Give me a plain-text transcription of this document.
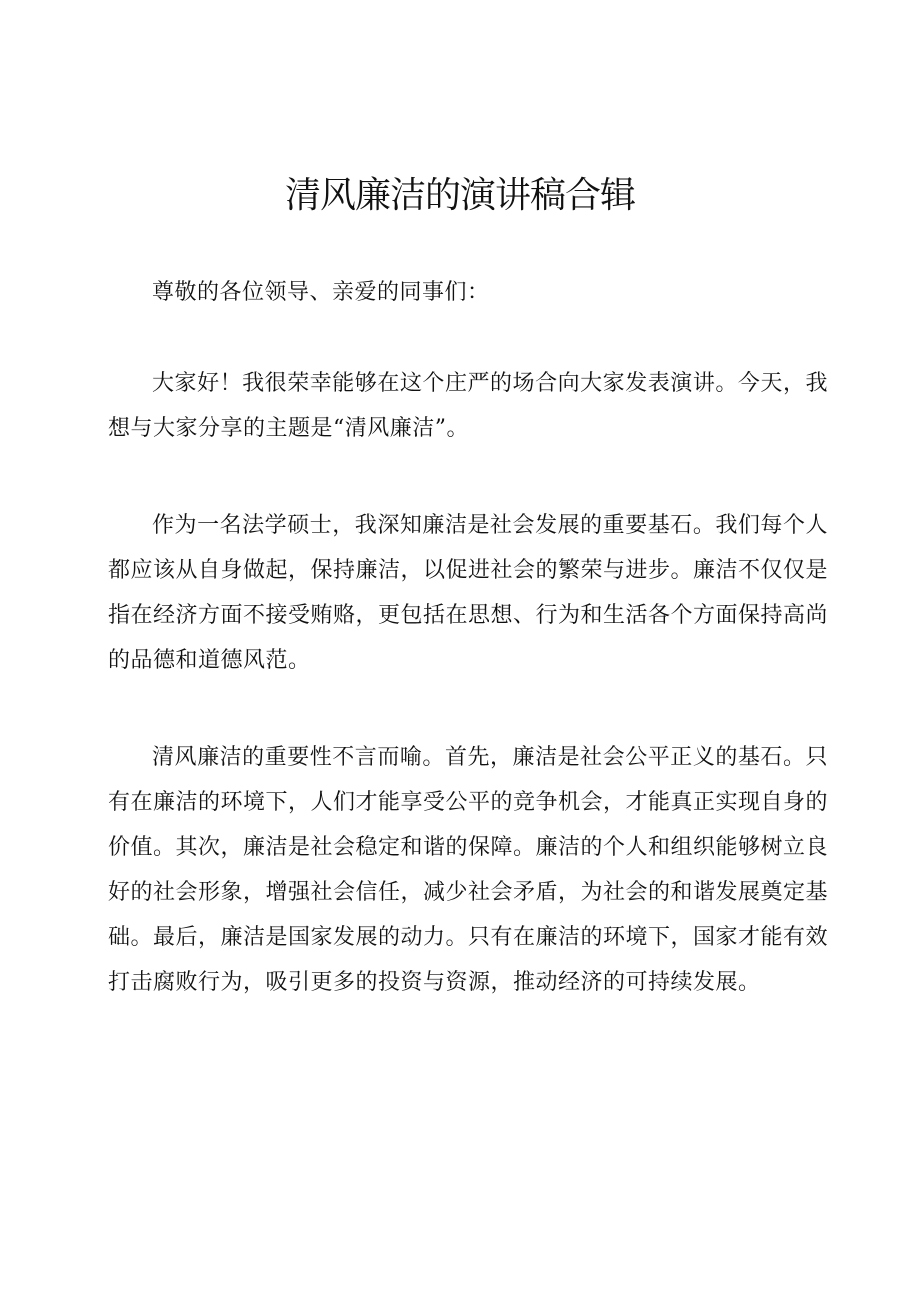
清风廉洁的演讲稿合辑

尊敬的各位领导、亲爱的同事们：

大家好！我很荣幸能够在这个庄严的场合向大家发表演讲。今天，我想与大家分享的主题是“清风廉洁”。

作为一名法学硕士，我深知廉洁是社会发展的重要基石。我们每个人都应该从自身做起，保持廉洁，以促进社会的繁荣与进步。廉洁不仅仅是指在经济方面不接受贿赂，更包括在思想、行为和生活各个方面保持高尚的品德和道德风范。

清风廉洁的重要性不言而喻。首先，廉洁是社会公平正义的基石。只有在廉洁的环境下，人们才能享受公平的竞争机会，才能真正实现自身的价值。其次，廉洁是社会稳定和谐的保障。廉洁的个人和组织能够树立良好的社会形象，增强社会信任，减少社会矛盾，为社会的和谐发展奠定基础。最后，廉洁是国家发展的动力。只有在廉洁的环境下，国家才能有效打击腐败行为，吸引更多的投资与资源，推动经济的可持续发展。
